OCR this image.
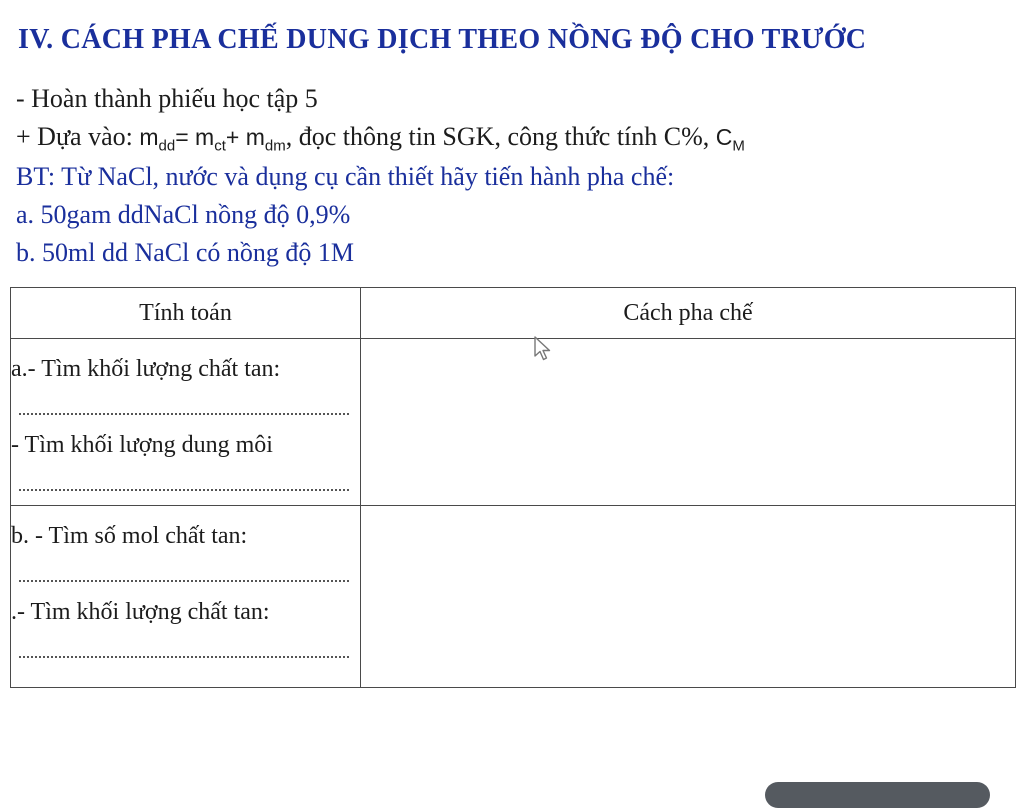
IV. CÁCH PHA CHẾ DUNG DỊCH THEO NỒNG ĐỘ CHO TRƯỚC
- Hoàn thành phiếu học tập 5
+ Dựa vào: $m_{dd}= m_{ct}+ m_{dm}$, đọc thông tin SGK, công thức tính C%, $C_M$
BT: Từ NaCl, nước và dụng cụ cần thiết hãy tiến hành pha chế:
a. 50gam ddNaCl nồng độ 0,9%
b. 50ml dd NaCl có nồng độ 1M
Tính toán	Cách pha chế

a.- Tìm khối lượng chất tan:
- Tìm khối lượng dung môi	

b. - Tìm số mol chất tan:
.- Tìm khối lượng chất tan:	
